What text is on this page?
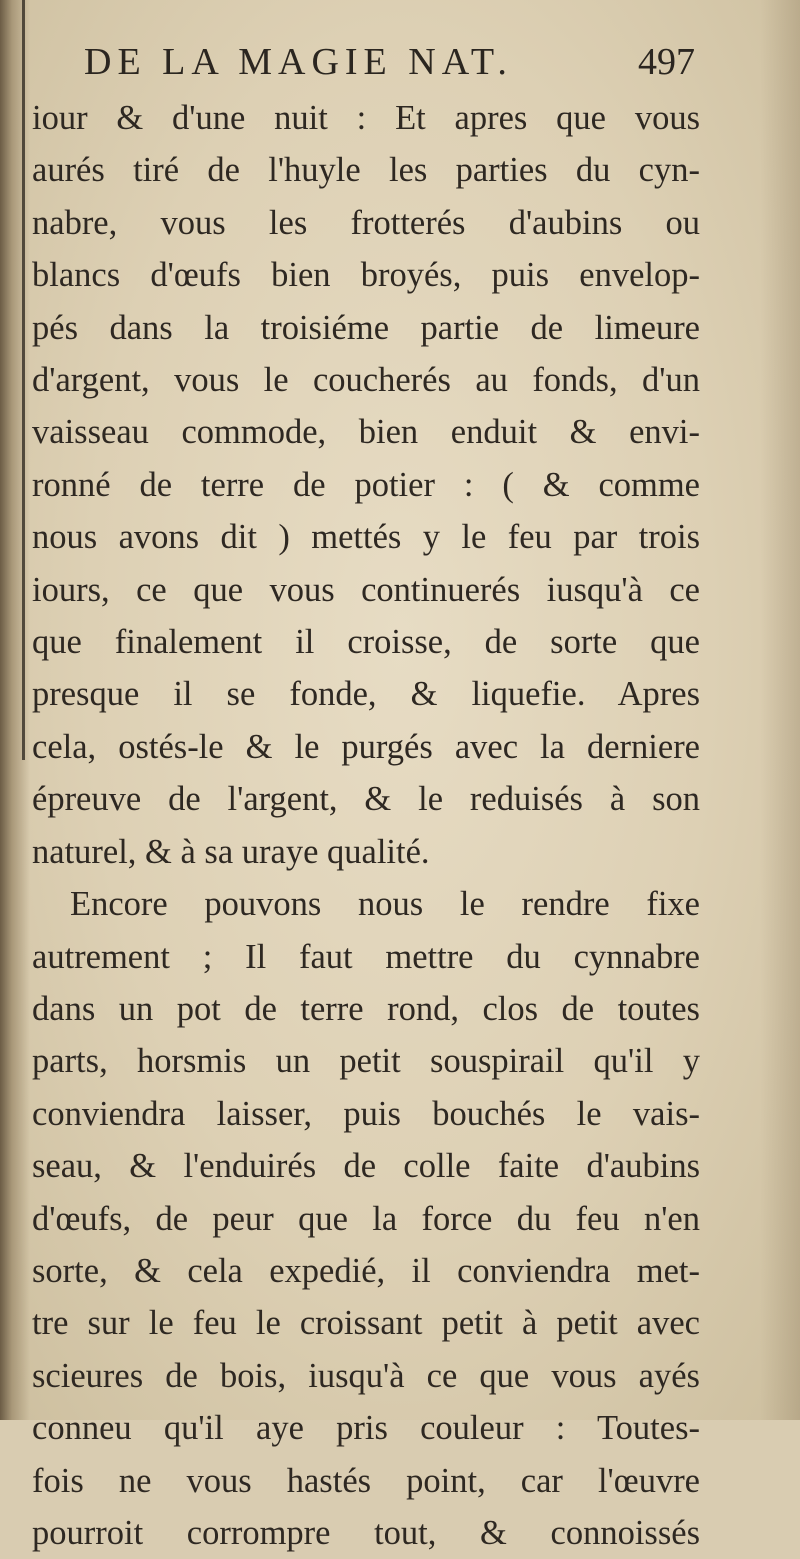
DE LA MAGIE NAT.	497
iour & d'une nuit : Et apres que vous
aurés tiré de l'huyle les parties du cyn-
nabre, vous les frotterés d'aubins ou
blancs d'œufs bien broyés, puis envelop-
pés dans la troisiéme partie de limeure
d'argent, vous le coucherés au fonds, d'un
vaisseau commode, bien enduit & envi-
ronné de terre de potier : ( & comme
nous avons dit ) mettés y le feu par trois
iours, ce que vous continuerés iusqu'à ce
que finalement il croisse, de sorte que
presque il se fonde, & liquefie. Apres
cela, ostés-le & le purgés avec la derniere
épreuve de l'argent, & le reduisés à son
naturel, & à sa uraye qualité.
Encore pouvons nous le rendre fixe
autrement ; Il faut mettre du cynnabre
dans un pot de terre rond, clos de toutes
parts, horsmis un petit souspirail qu'il y
conviendra laisser, puis bouchés le vais-
seau, & l'enduirés de colle faite d'aubins
d'œufs, de peur que la force du feu n'en
sorte, & cela expedié, il conviendra met-
tre sur le feu le croissant petit à petit avec
scieures de bois, iusqu'à ce que vous ayés
conneu qu'il aye pris couleur : Toutes-
fois ne vous hastés point, car l'œuvre
pourroit corrompre tout, & connoissés
